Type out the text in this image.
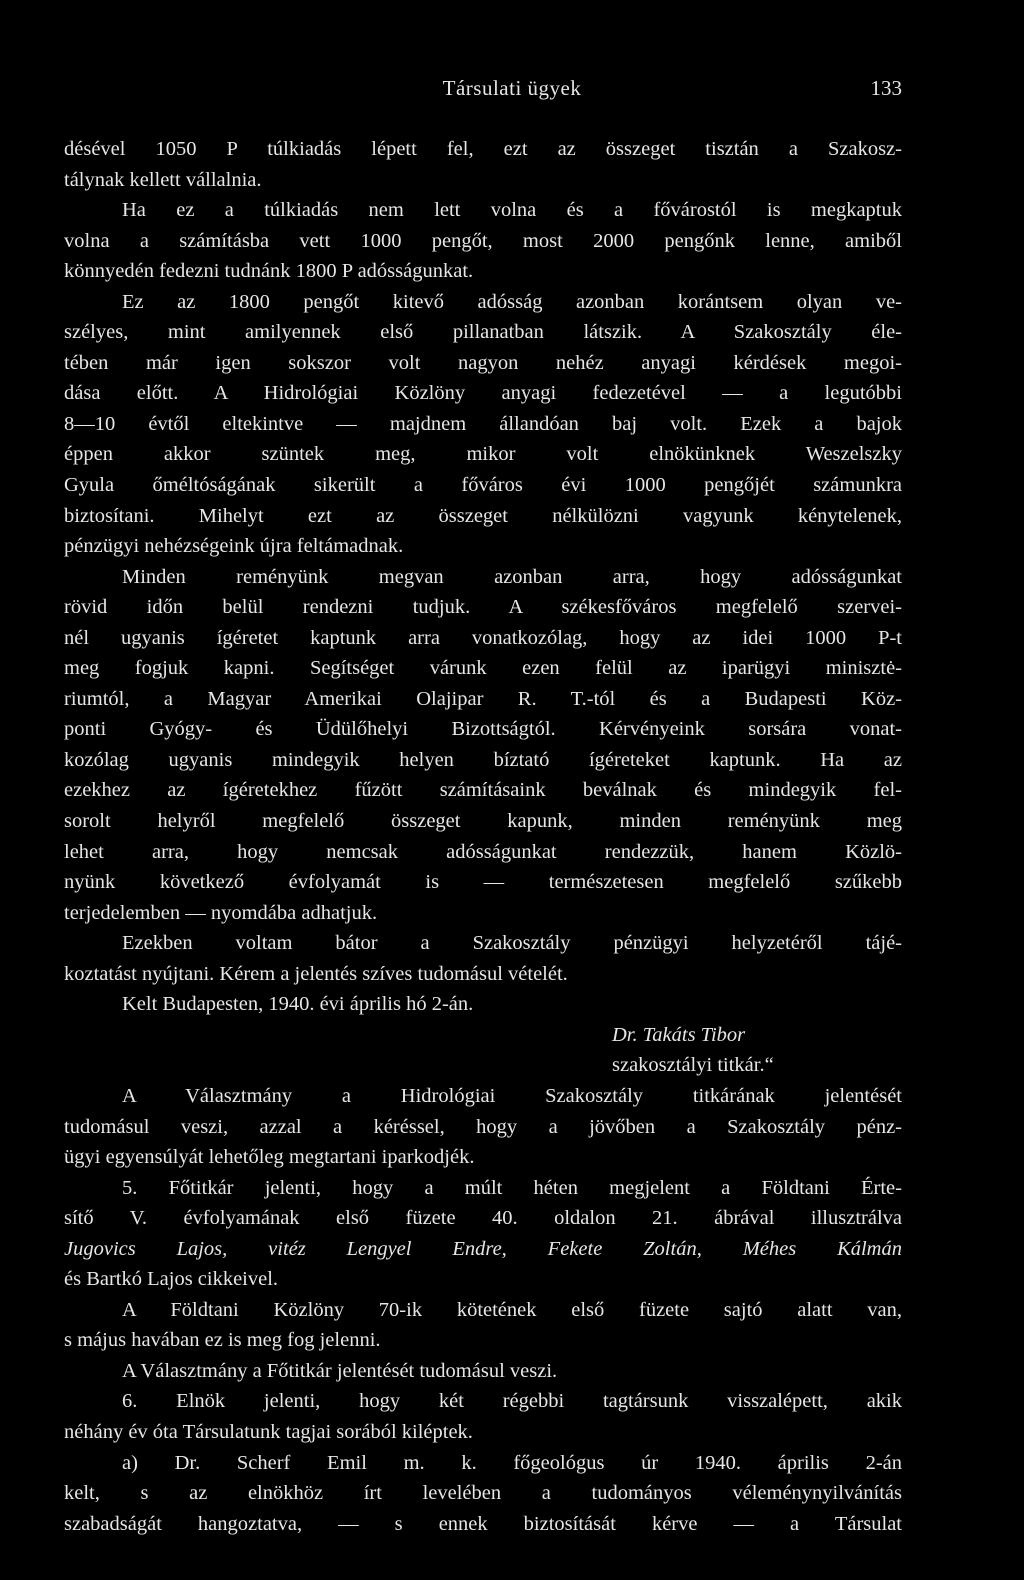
Társulati ügyek	133
désével 1050 P túlkiadás lépett fel, ezt az összeget tisztán a Szakosz-
tálynak kellett vállalnia.
Ha ez a túlkiadás nem lett volna és a fővárostól is megkaptuk
volna a számításba vett 1000 pengőt, most 2000 pengőnk lenne, amiből
könnyedén fedezni tudnánk 1800 P adósságunkat.
Ez az 1800 pengőt kitevő adósság azonban korántsem olyan ve-
szélyes, mint amilyennek első pillanatban látszik. A Szakosztály éle-
tében már igen sokszor volt nagyon nehéz anyagi kérdések megoi-
dása előtt. A Hidrológiai Közlöny anyagi fedezetével — a legutóbbi
8—10 évtől eltekintve — majdnem állandóan baj volt. Ezek a bajok
éppen akkor szüntek meg, mikor volt elnökünknek Weszelszky
Gyula őméltóságának sikerült a főváros évi 1000 pengőjét számunkra
biztosítani. Mihelyt ezt az összeget nélkülözni vagyunk kénytelenek,
pénzügyi nehézségeink újra feltámadnak.
Minden reményünk megvan azonban arra, hogy adósságunkat
rövid időn belül rendezni tudjuk. A székesfőváros megfelelő szervei-
nél ugyanis ígéretet kaptunk arra vonatkozólag, hogy az idei 1000 P-t
meg fogjuk kapni. Segítséget várunk ezen felül az iparügyi minisztė-
riumtól, a Magyar Amerikai Olajipar R. T.-tól és a Budapesti Köz-
ponti Gyógy- és Üdülőhelyi Bizottságtól. Kérvényeink sorsára vonat-
kozólag ugyanis mindegyik helyen bíztató ígéreteket kaptunk. Ha az
ezekhez az ígéretekhez fűzött számításaink beválnak és mindegyik fel-
sorolt helyről megfelelő összeget kapunk, minden reményünk meg
lehet arra, hogy nemcsak adósságunkat rendezzük, hanem Közlö-
nyünk következő évfolyamát is — természetesen megfelelő szűkebb
terjedelemben — nyomdába adhatjuk.
Ezekben voltam bátor a Szakosztály pénzügyi helyzetéről tájé-
koztatást nyújtani. Kérem a jelentés szíves tudomásul vételét.
Kelt Budapesten, 1940. évi április hó 2-án.
Dr. Takáts Tibor
szakosztályi titkár.“
A Választmány a Hidrológiai Szakosztály titkárának jelentését
tudomásul veszi, azzal a kéréssel, hogy a jövőben a Szakosztály pénz-
ügyi egyensúlyát lehetőleg megtartani iparkodjék.
5. Főtitkár jelenti, hogy a múlt héten megjelent a Földtani Érte-
sítő V. évfolyamának első füzete 40. oldalon 21. ábrával illusztrálva
Jugovics Lajos, vitéz Lengyel Endre, Fekete Zoltán, Méhes Kálmán
és Bartkó Lajos cikkeivel.
A Földtani Közlöny 70-ik kötetének első füzete sajtó alatt van,
s május havában ez is meg fog jelenni.
A Választmány a Főtitkár jelentését tudomásul veszi.
6. Elnök jelenti, hogy két régebbi tagtársunk visszalépett, akik
néhány év óta Társulatunk tagjai sorából kiléptek.
a) Dr. Scherf Emil m. k. főgeológus úr 1940. április 2-án
kelt, s az elnökhöz írt levelében a tudományos véleménynyilvánítás
szabadságát hangoztatva, — s ennek biztosítását kérve — a Társulat
